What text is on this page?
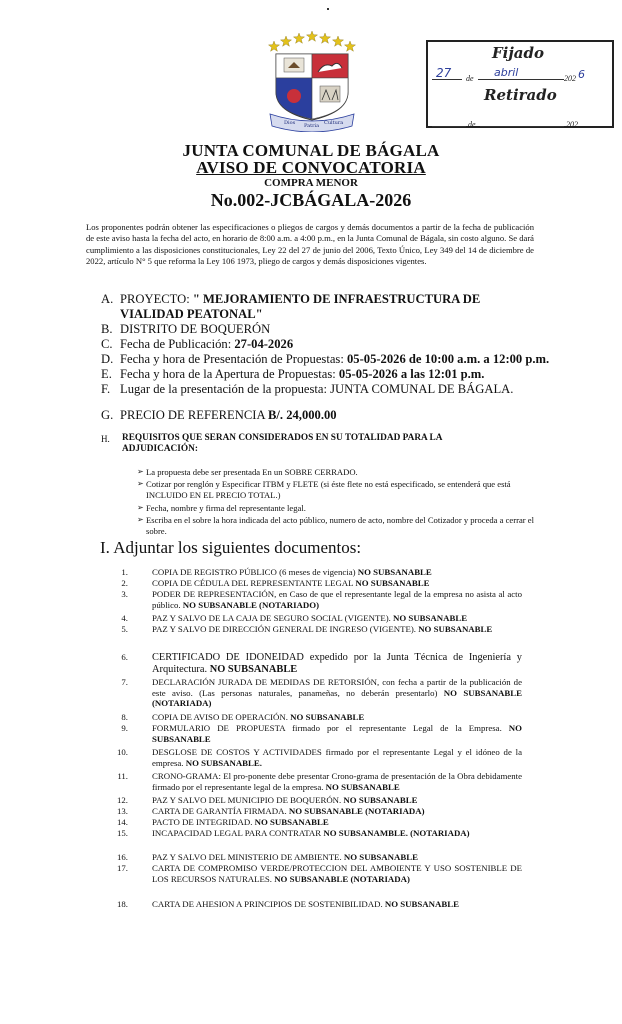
Fijado
27 de abril	202 6
Retirado
de	202
Dios Patria Cultura
JUNTA COMUNAL DE BÁGALA
AVISO DE CONVOCATORIA
COMPRA MENOR
No.002-JCBÁGALA-2026
Los proponentes podrán obtener las especificaciones o pliegos de cargos y demás documentos a partir de la fecha de publicación de este aviso hasta la fecha del acto, en horario de 8:00 a.m. a 4:00 p.m., en la Junta Comunal de Bágala, sin costo alguno. Se dará cumplimiento a las disposiciones constitucionales, Ley 22 del 27 de junio del 2006, Texto Único, Ley 349 del 14 de diciembre de 2022, artículo N° 5 que reforma la Ley 106 1973, pliego de cargos y demás disposiciones vigentes.
A. PROYECTO: " MEJORAMIENTO DE INFRAESTRUCTURA DE
VIALIDAD PEATONAL"
B. DISTRITO DE BOQUERÓN
C. Fecha de Publicación: 27-04-2026
D. Fecha y hora de Presentación de Propuestas: 05-05-2026 de 10:00 a.m. a 12:00 p.m.
E. Fecha y hora de la Apertura de Propuestas: 05-05-2026 a las 12:01 p.m.
F. Lugar de la presentación de la propuesta: JUNTA COMUNAL DE BÁGALA.
G. PRECIO DE REFERENCIA B/. 24,000.00
H. REQUISITOS QUE SERAN CONSIDERADOS EN SU TOTALIDAD PARA LA
ADJUDICACIÓN:
➢ La propuesta debe ser presentada En un SOBRE CERRADO.
➢ Cotizar por renglón y Especificar ITBM y FLETE (si éste flete no está especificado, se entenderá que está INCLUIDO EN EL PRECIO TOTAL.)
➢ Fecha, nombre y firma del representante legal.
➢ Escriba en el sobre la hora indicada del acto público, numero de acto, nombre del Cotizador y proceda a cerrar el sobre.
I. Adjuntar los siguientes documentos:
1.	COPIA DE REGISTRO PÚBLICO (6 meses de vigencia) NO SUBSANABLE
2.	COPIA DE CÉDULA DEL REPRESENTANTE LEGAL NO SUBSANABLE
3.	PODER DE REPRESENTACIÓN, en Caso de que el representante legal de la empresa no asista al acto público. NO SUBSANABLE (NOTARIADO)
4.	PAZ Y SALVO DE LA CAJA DE SEGURO SOCIAL (VIGENTE). NO SUBSANABLE
5.	PAZ Y SALVO DE DIRECCIÓN GENERAL DE INGRESO (VIGENTE). NO SUBSANABLE
6. CERTIFICADO DE IDONEIDAD expedido por la Junta Técnica de Ingeniería y Arquitectura. NO SUBSANABLE
7.	DECLARACIÓN JURADA DE MEDIDAS DE RETORSIÓN, con fecha a partir de la publicación de este aviso. (Las personas naturales, panameñas, no deberán presentarlo) NO SUBSANABLE (NOTARIADA)
8.	COPIA DE AVISO DE OPERACIÓN. NO SUBSANABLE
9.	FORMULARIO DE PROPUESTA firmado por el representante Legal de la Empresa. NO SUBSANABLE
10.	DESGLOSE DE COSTOS Y ACTIVIDADES firmado por el representante Legal y el idóneo de la empresa. NO SUBSANABLE.
11.	CRONO-GRAMA: El pro-ponente debe presentar Crono-grama de presentación de la Obra debidamente firmado por el representante legal de la empresa. NO SUBSANABLE
12.	PAZ Y SALVO DEL MUNICIPIO DE BOQUERÓN. NO SUBSANABLE
13.	CARTA DE GARANTÍA FIRMADA. NO SUBSANABLE (NOTARIADA)
14.	PACTO DE INTEGRIDAD. NO SUBSANABLE
15.	INCAPACIDAD LEGAL PARA CONTRATAR NO SUBSANAMBLE. (NOTARIADA)
16.	PAZ Y SALVO DEL MINISTERIO DE AMBIENTE. NO SUBSANABLE
17.	CARTA DE COMPROMISO VERDE/PROTECCION DEL AMBOIENTE Y USO SOSTENIBLE DE LOS RECURSOS NATURALES. NO SUBSANABLE (NOTARIADA)
18.	CARTA DE AHESION A PRINCIPIOS DE SOSTENIBILIDAD. NO SUBSANABLE
